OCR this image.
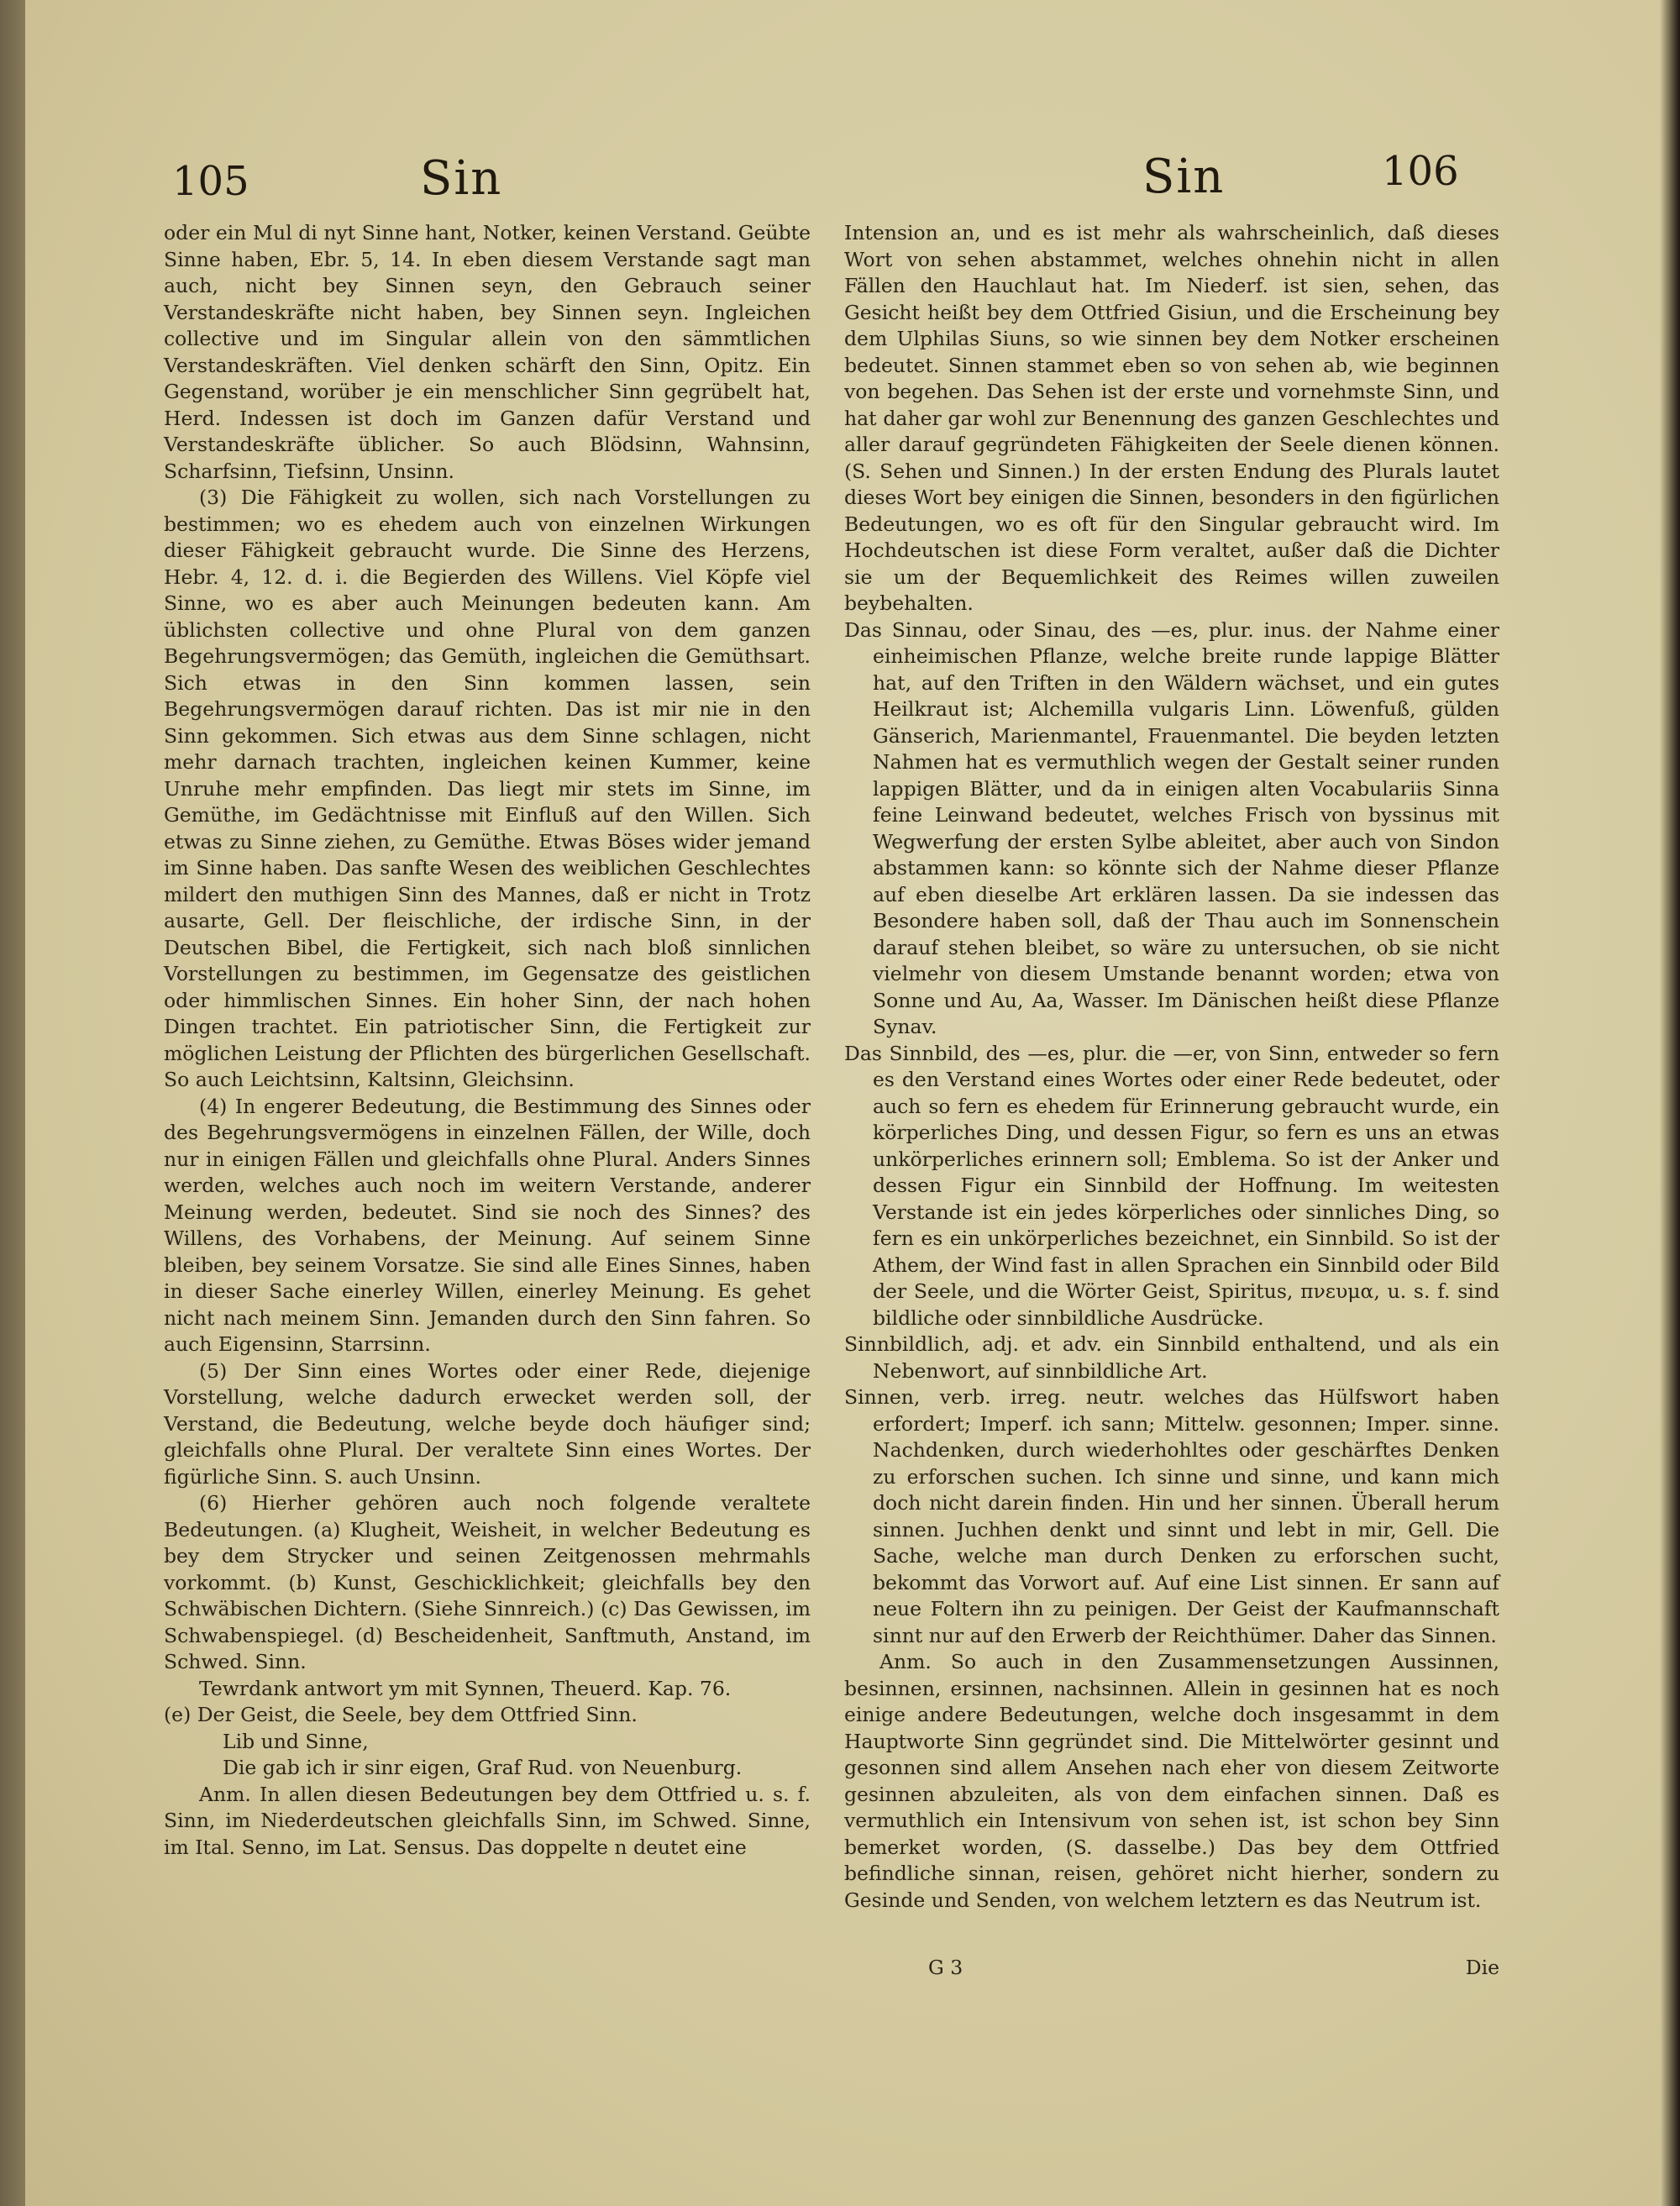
105	Sin	Sin	106

oder ein Mul di nyt Sinne hant, Notker, keinen Verstand. Geübte Sinne haben, Ebr. 5, 14. In eben diesem Verstande sagt man auch, nicht bey Sinnen seyn, den Gebrauch seiner Verstandeskräfte nicht haben, bey Sinnen seyn. Ingleichen collective und im Singular allein von den sämmtlichen Verstandeskräften. Viel denken schärft den Sinn, Opitz. Ein Gegenstand, worüber je ein menschlicher Sinn gegrübelt hat, Herd. Indessen ist doch im Ganzen dafür Verstand und Verstandeskräfte üblicher. So auch Blödsinn, Wahnsinn, Scharfsinn, Tiefsinn, Unsinn.

(3) Die Fähigkeit zu wollen, sich nach Vorstellungen zu bestimmen; wo es ehedem auch von einzelnen Wirkungen dieser Fähigkeit gebraucht wurde. Die Sinne des Herzens, Hebr. 4, 12. d. i. die Begierden des Willens. Viel Köpfe viel Sinne, wo es aber auch Meinungen bedeuten kann. Am üblichsten collective und ohne Plural von dem ganzen Begehrungsvermögen; das Gemüth, ingleichen die Gemüthsart. Sich etwas in den Sinn kommen lassen, sein Begehrungsvermögen darauf richten. Das ist mir nie in den Sinn gekommen. Sich etwas aus dem Sinne schlagen, nicht mehr darnach trachten, ingleichen keinen Kummer, keine Unruhe mehr empfinden. Das liegt mir stets im Sinne, im Gemüthe, im Gedächtnisse mit Einfluß auf den Willen. Sich etwas zu Sinne ziehen, zu Gemüthe. Etwas Böses wider jemand im Sinne haben. Das sanfte Wesen des weiblichen Geschlechtes mildert den muthigen Sinn des Mannes, daß er nicht in Trotz ausarte, Gell. Der fleischliche, der irdische Sinn, in der Deutschen Bibel, die Fertigkeit, sich nach bloß sinnlichen Vorstellungen zu bestimmen, im Gegensatze des geistlichen oder himmlischen Sinnes. Ein hoher Sinn, der nach hohen Dingen trachtet. Ein patriotischer Sinn, die Fertigkeit zur möglichen Leistung der Pflichten des bürgerlichen Gesellschaft. So auch Leichtsinn, Kaltsinn, Gleichsinn.

(4) In engerer Bedeutung, die Bestimmung des Sinnes oder des Begehrungsvermögens in einzelnen Fällen, der Wille, doch nur in einigen Fällen und gleichfalls ohne Plural. Anders Sinnes werden, welches auch noch im weitern Verstande, anderer Meinung werden, bedeutet. Sind sie noch des Sinnes? des Willens, des Vorhabens, der Meinung. Auf seinem Sinne bleiben, bey seinem Vorsatze. Sie sind alle Eines Sinnes, haben in dieser Sache einerley Willen, einerley Meinung. Es gehet nicht nach meinem Sinn. Jemanden durch den Sinn fahren. So auch Eigensinn, Starrsinn.

(5) Der Sinn eines Wortes oder einer Rede, diejenige Vorstellung, welche dadurch erwecket werden soll, der Verstand, die Bedeutung, welche beyde doch häufiger sind; gleichfalls ohne Plural. Der veraltete Sinn eines Wortes. Der figürliche Sinn. S. auch Unsinn.

(6) Hierher gehören auch noch folgende veraltete Bedeutungen. (a) Klugheit, Weisheit, in welcher Bedeutung es bey dem Strycker und seinen Zeitgenossen mehrmahls vorkommt. (b) Kunst, Geschicklichkeit; gleichfalls bey den Schwäbischen Dichtern. (Siehe Sinnreich.) (c) Das Gewissen, im Schwabenspiegel. (d) Bescheidenheit, Sanftmuth, Anstand, im Schwed. Sinn.

Tewrdank antwort ym mit Synnen, Theuerd. Kap. 76.

(e) Der Geist, die Seele, bey dem Ottfried Sinn.

Lib und Sinne,

Die gab ich ir sinr eigen, Graf Rud. von Neuenburg.

Anm. In allen diesen Bedeutungen bey dem Ottfried u. s. f. Sinn, im Niederdeutschen gleichfalls Sinn, im Schwed. Sinne, im Ital. Senno, im Lat. Sensus. Das doppelte n deutet eine

Intension an, und es ist mehr als wahrscheinlich, daß dieses Wort von sehen abstammet, welches ohnehin nicht in allen Fällen den Hauchlaut hat. Im Niederf. ist sien, sehen, das Gesicht heißt bey dem Ottfried Gisiun, und die Erscheinung bey dem Ulphilas Siuns, so wie sinnen bey dem Notker erscheinen bedeutet. Sinnen stammet eben so von sehen ab, wie beginnen von begehen. Das Sehen ist der erste und vornehmste Sinn, und hat daher gar wohl zur Benennung des ganzen Geschlechtes und aller darauf gegründeten Fähigkeiten der Seele dienen können. (S. Sehen und Sinnen.) In der ersten Endung des Plurals lautet dieses Wort bey einigen die Sinnen, besonders in den figürlichen Bedeutungen, wo es oft für den Singular gebraucht wird. Im Hochdeutschen ist diese Form veraltet, außer daß die Dichter sie um der Bequemlichkeit des Reimes willen zuweilen beybehalten.

Das Sinnau, oder Sinau, des —es, plur. inus. der Nahme einer einheimischen Pflanze, welche breite runde lappige Blätter hat, auf den Triften in den Wäldern wächset, und ein gutes Heilkraut ist; Alchemilla vulgaris Linn. Löwenfuß, gülden Gänserich, Marienmantel, Frauenmantel. Die beyden letzten Nahmen hat es vermuthlich wegen der Gestalt seiner runden lappigen Blätter, und da in einigen alten Vocabulariis Sinna feine Leinwand bedeutet, welches Frisch von byssinus mit Wegwerfung der ersten Sylbe ableitet, aber auch von Sindon abstammen kann: so könnte sich der Nahme dieser Pflanze auf eben dieselbe Art erklären lassen. Da sie indessen das Besondere haben soll, daß der Thau auch im Sonnenschein darauf stehen bleibet, so wäre zu untersuchen, ob sie nicht vielmehr von diesem Umstande benannt worden; etwa von Sonne und Au, Aa, Wasser. Im Dänischen heißt diese Pflanze Synav.

Das Sinnbild, des —es, plur. die —er, von Sinn, entweder so fern es den Verstand eines Wortes oder einer Rede bedeutet, oder auch so fern es ehedem für Erinnerung gebraucht wurde, ein körperliches Ding, und dessen Figur, so fern es uns an etwas unkörperliches erinnern soll; Emblema. So ist der Anker und dessen Figur ein Sinnbild der Hoffnung. Im weitesten Verstande ist ein jedes körperliches oder sinnliches Ding, so fern es ein unkörperliches bezeichnet, ein Sinnbild. So ist der Athem, der Wind fast in allen Sprachen ein Sinnbild oder Bild der Seele, und die Wörter Geist, Spiritus, πνευμα, u. s. f. sind bildliche oder sinnbildliche Ausdrücke.

Sinnbildlich, adj. et adv. ein Sinnbild enthaltend, und als ein Nebenwort, auf sinnbildliche Art.

Sinnen, verb. irreg. neutr. welches das Hülfswort haben erfordert; Imperf. ich sann; Mittelw. gesonnen; Imper. sinne. Nachdenken, durch wiederhohltes oder geschärftes Denken zu erforschen suchen. Ich sinne und sinne, und kann mich doch nicht darein finden. Hin und her sinnen. Überall herum sinnen. Juchhen denkt und sinnt und lebt in mir, Gell. Die Sache, welche man durch Denken zu erforschen sucht, bekommt das Vorwort auf. Auf eine List sinnen. Er sann auf neue Foltern ihn zu peinigen. Der Geist der Kaufmannschaft sinnt nur auf den Erwerb der Reichthümer. Daher das Sinnen.

Anm. So auch in den Zusammensetzungen Aussinnen, besinnen, ersinnen, nachsinnen. Allein in gesinnen hat es noch einige andere Bedeutungen, welche doch insgesammt in dem Hauptworte Sinn gegründet sind. Die Mittelwörter gesinnt und gesonnen sind allem Ansehen nach eher von diesem Zeitworte gesinnen abzuleiten, als von dem einfachen sinnen. Daß es vermuthlich ein Intensivum von sehen ist, ist schon bey Sinn bemerket worden, (S. dasselbe.) Das bey dem Ottfried befindliche sinnan, reisen, gehöret nicht hierher, sondern zu Gesinde und Senden, von welchem letztern es das Neutrum ist.

G 3	Die
